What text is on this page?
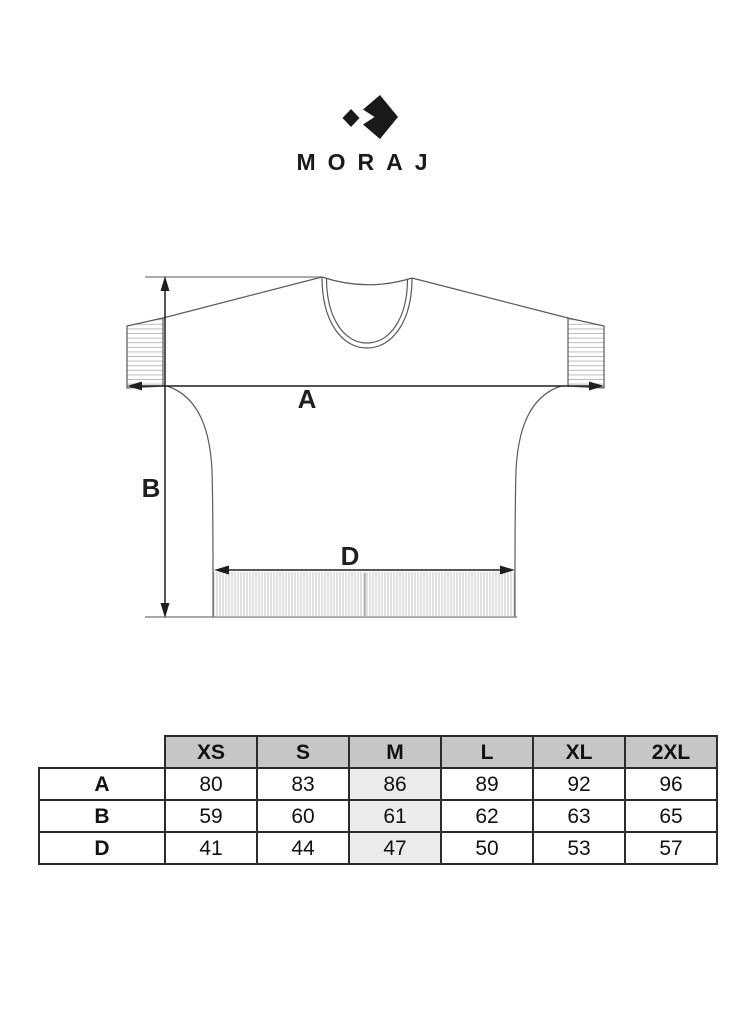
A
B
D
MORAJ
	XS	S	M	L	XL	2XL
A	80	83	86	89	92	96
B	59	60	61	62	63	65
D	41	44	47	50	53	57
